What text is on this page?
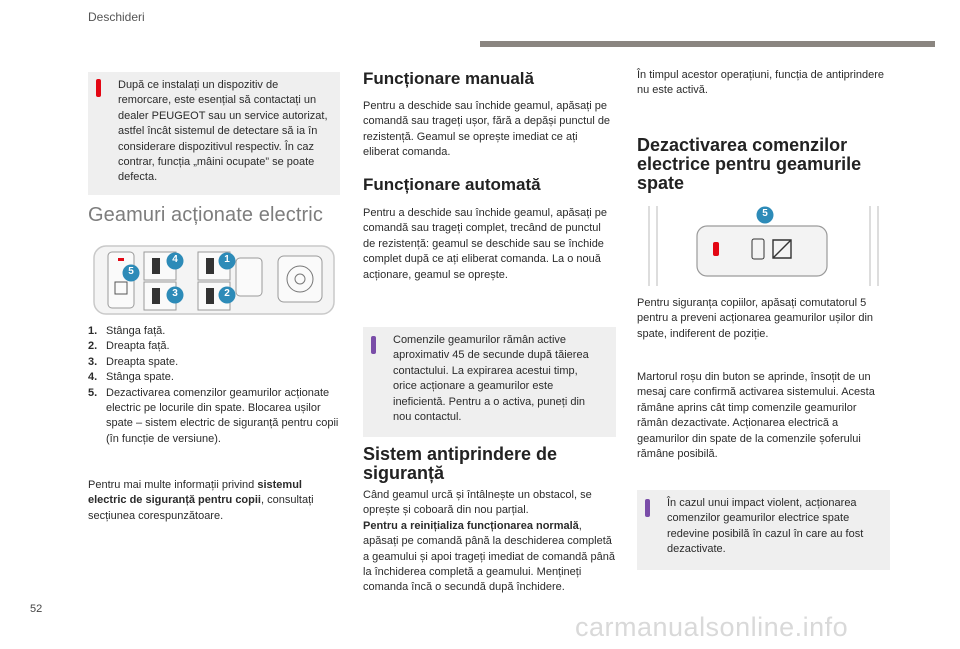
Deschideri
După ce instalați un dispozitiv de remorcare, este esențial să contactați un dealer PEUGEOT sau un service autorizat, astfel încât sistemul de detectare să ia în considerare dispozitivul respectiv. În caz contrar, funcția „mâini ocupate” se poate defecta.
Geamuri acționate electric
4	1
5
3	2
1. Stânga față.
2. Dreapta față.
3. Dreapta spate.
4. Stânga spate.
5. Dezactivarea comenzilor geamurilor acționate electric pe locurile din spate. Blocarea ușilor spate – sistem electric de siguranță pentru copii (în funcție de versiune).
Pentru mai multe informații privind sistemul electric de siguranță pentru copii, consultați secțiunea corespunzătoare.
Funcționare manuală
Pentru a deschide sau închide geamul, apăsați pe comandă sau trageți ușor, fără a depăși punctul de rezistență. Geamul se oprește imediat ce ați eliberat comanda.
Funcționare automată
Pentru a deschide sau închide geamul, apăsați pe comandă sau trageți complet, trecând de punctul de rezistență: geamul se deschide sau se închide complet după ce ați eliberat comanda. La o nouă acționare, geamul se oprește.
Comenzile geamurilor rămân active aproximativ 45 de secunde după tăierea contactului. La expirarea acestui timp, orice acționare a geamurilor este ineficientă. Pentru a o activa, puneți din nou contactul.
Sistem antiprindere de siguranță
Când geamul urcă și întâlnește un obstacol, se oprește și coboară din nou parțial.
Pentru a reinițializa funcționarea normală, apăsați pe comandă până la deschiderea completă a geamului și apoi trageți imediat de comandă până la închiderea completă a geamului. Mențineți comanda încă o secundă după închidere.
În timpul acestor operațiuni, funcția de antiprindere nu este activă.
Dezactivarea comenzilor electrice pentru geamurile spate
5
Pentru siguranța copiilor, apăsați comutatorul 5 pentru a preveni acționarea geamurilor ușilor din spate, indiferent de poziție.
Martorul roșu din buton se aprinde, însoțit de un mesaj care confirmă activarea sistemului. Acesta rămâne aprins cât timp comenzile geamurilor rămân dezactivate. Acționarea electrică a geamurilor din spate de la comenzile șoferului rămâne posibilă.
În cazul unui impact violent, acționarea comenzilor geamurilor electrice spate redevine posibilă în cazul în care au fost dezactivate.
52
carmanualsonline.info
